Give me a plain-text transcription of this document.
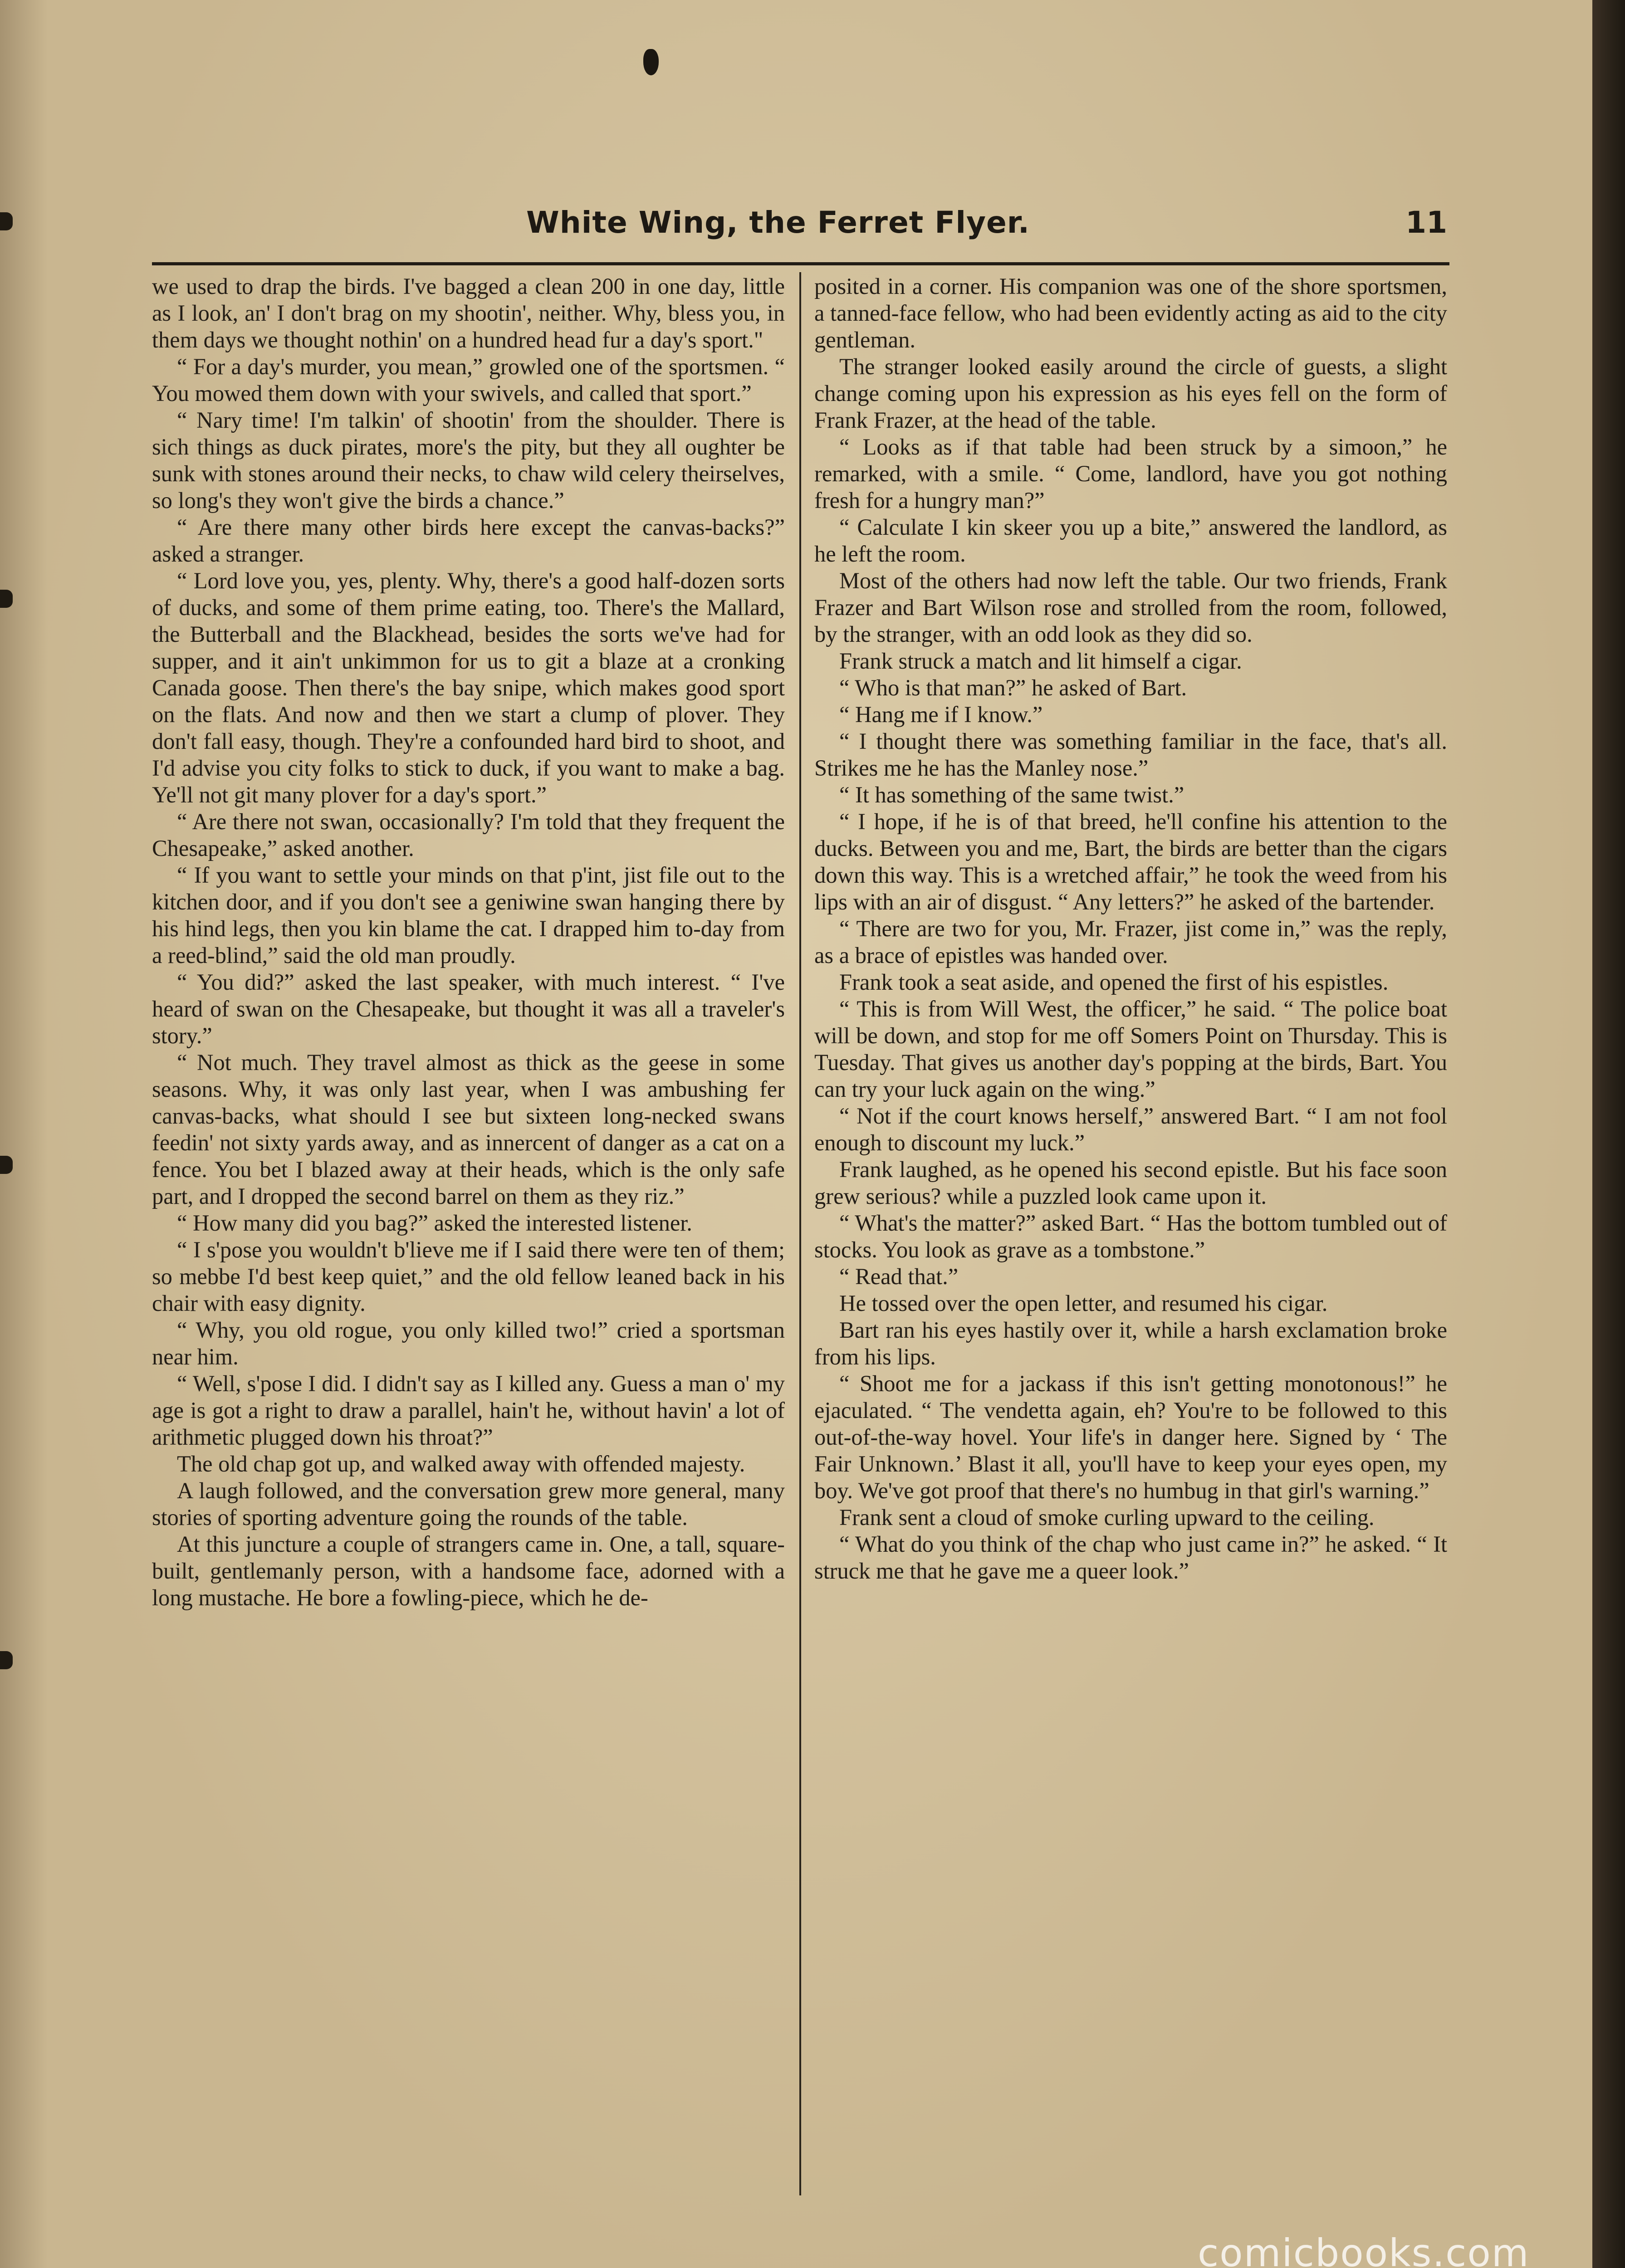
White Wing, the Ferret Flyer.	11

we used to drap the birds. I've bagged a clean 200 in one day, little as I look, an' I don't brag on my shootin', neither. Why, bless you, in them days we thought nothin' on a hundred head fur a day's sport."

“ For a day's murder, you mean,” growled one of the sportsmen. “ You mowed them down with your swivels, and called that sport.”

“ Nary time! I'm talkin' of shootin' from the shoulder. There is sich things as duck pirates, more's the pity, but they all oughter be sunk with stones around their necks, to chaw wild celery theirselves, so long's they won't give the birds a chance.”

“ Are there many other birds here except the canvas-backs?” asked a stranger.

“ Lord love you, yes, plenty. Why, there's a good half-dozen sorts of ducks, and some of them prime eating, too. There's the Mallard, the Butterball and the Blackhead, besides the sorts we've had for supper, and it ain't unkimmon for us to git a blaze at a cronking Canada goose. Then there's the bay snipe, which makes good sport on the flats. And now and then we start a clump of plover. They don't fall easy, though. They're a confounded hard bird to shoot, and I'd advise you city folks to stick to duck, if you want to make a bag. Ye'll not git many plover for a day's sport.”

“ Are there not swan, occasionally? I'm told that they frequent the Chesapeake,” asked another.

“ If you want to settle your minds on that p'int, jist file out to the kitchen door, and if you don't see a geniwine swan hanging there by his hind legs, then you kin blame the cat. I drapped him to-day from a reed-blind,” said the old man proudly.

“ You did?” asked the last speaker, with much interest. “ I've heard of swan on the Chesapeake, but thought it was all a traveler's story.”

“ Not much. They travel almost as thick as the geese in some seasons. Why, it was only last year, when I was ambushing fer canvas-backs, what should I see but sixteen long-necked swans feedin' not sixty yards away, and as innercent of danger as a cat on a fence. You bet I blazed away at their heads, which is the only safe part, and I dropped the second barrel on them as they riz.”

“ How many did you bag?” asked the interested listener.

“ I s'pose you wouldn't b'lieve me if I said there were ten of them; so mebbe I'd best keep quiet,” and the old fellow leaned back in his chair with easy dignity.

“ Why, you old rogue, you only killed two!” cried a sportsman near him.

“ Well, s'pose I did. I didn't say as I killed any. Guess a man o' my age is got a right to draw a parallel, hain't he, without havin' a lot of arithmetic plugged down his throat?”

The old chap got up, and walked away with offended majesty.

A laugh followed, and the conversation grew more general, many stories of sporting adventure going the rounds of the table.

At this juncture a couple of strangers came in. One, a tall, square-built, gentlemanly person, with a handsome face, adorned with a long mustache. He bore a fowling-piece, which he de-

posited in a corner. His companion was one of the shore sportsmen, a tanned-face fellow, who had been evidently acting as aid to the city gentleman.

The stranger looked easily around the circle of guests, a slight change coming upon his expression as his eyes fell on the form of Frank Frazer, at the head of the table.

“ Looks as if that table had been struck by a simoon,” he remarked, with a smile. “ Come, landlord, have you got nothing fresh for a hungry man?”

“ Calculate I kin skeer you up a bite,” answered the landlord, as he left the room.

Most of the others had now left the table. Our two friends, Frank Frazer and Bart Wilson rose and strolled from the room, followed, by the stranger, with an odd look as they did so.

Frank struck a match and lit himself a cigar.

“ Who is that man?” he asked of Bart.

“ Hang me if I know.”

“ I thought there was something familiar in the face, that's all. Strikes me he has the Manley nose.”

“ It has something of the same twist.”

“ I hope, if he is of that breed, he'll confine his attention to the ducks. Between you and me, Bart, the birds are better than the cigars down this way. This is a wretched affair,” he took the weed from his lips with an air of disgust. “ Any letters?” he asked of the bartender.

“ There are two for you, Mr. Frazer, jist come in,” was the reply, as a brace of epistles was handed over.

Frank took a seat aside, and opened the first of his espistles.

“ This is from Will West, the officer,” he said. “ The police boat will be down, and stop for me off Somers Point on Thursday. This is Tuesday. That gives us another day's popping at the birds, Bart. You can try your luck again on the wing.”

“ Not if the court knows herself,” answered Bart. “ I am not fool enough to discount my luck.”

Frank laughed, as he opened his second epistle. But his face soon grew serious? while a puzzled look came upon it.

“ What's the matter?” asked Bart. “ Has the bottom tumbled out of stocks. You look as grave as a tombstone.”

“ Read that.”

He tossed over the open letter, and resumed his cigar.

Bart ran his eyes hastily over it, while a harsh exclamation broke from his lips.

“ Shoot me for a jackass if this isn't getting monotonous!” he ejaculated. “ The vendetta again, eh? You're to be followed to this out-of-the-way hovel. Your life's in danger here. Signed by ‘ The Fair Unknown.’ Blast it all, you'll have to keep your eyes open, my boy. We've got proof that there's no humbug in that girl's warning.”

Frank sent a cloud of smoke curling upward to the ceiling.

“ What do you think of the chap who just came in?” he asked. “ It struck me that he gave me a queer look.”

comicbooks.com
